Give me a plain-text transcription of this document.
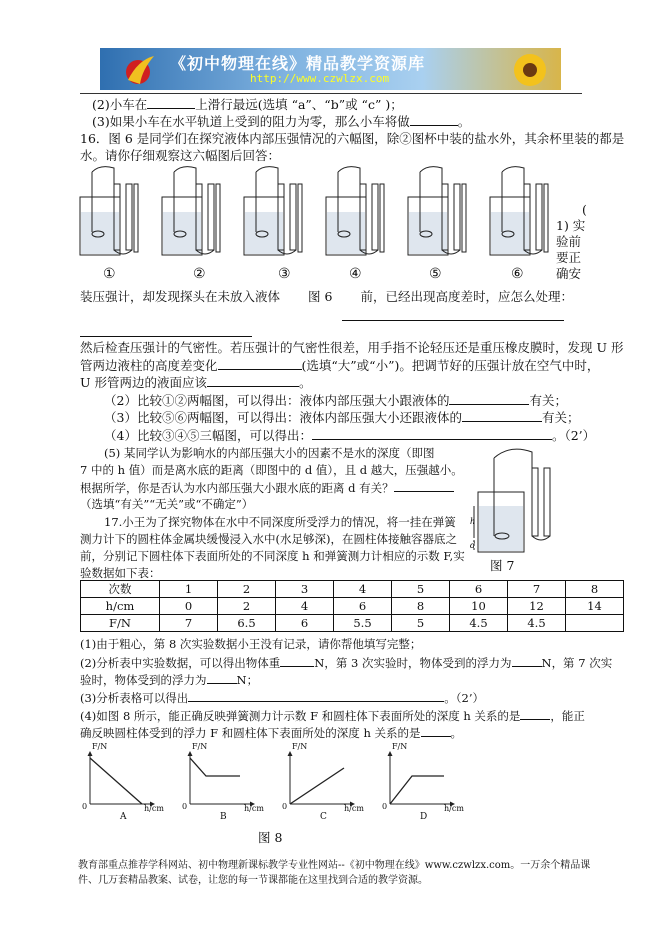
《初中物理在线》精品教学资源库
http://www.czwlzx.com
(2)小车在	上滑行最远(选填 “a”、“b”或 “c” )；
(3)如果小车在水平轨道上受到的阻力为零，那么小车将做	。
16．图 6 是同学们在探究液体内部压强情况的六幅图，除②图杯中装的盐水外，其余杯里装的都是
水。请你仔细观察这六幅图后回答：
①	②	③	④	⑤	⑥
(
1) 实
验前
要正
确安
装压强计，却发现探头在未放入液体 图 6 前，已经出现高度差时，应怎么处理：
然后检查压强计的气密性。若压强计的气密性很差，用手指不论轻压还是重压橡皮膜时，发现 U 形
管两边液柱的高度差变化	(选填“大”或“小”)。把调节好的压强计放在空气中时，
U 形管两边的液面应该	。
（2）比较①②两幅图，可以得出：液体内部压强大小跟液体的	有关；
（3）比较⑤⑥两幅图，可以得出：液体内部压强大小还跟液体的	有关；
（4）比较③④⑤三幅图，可以得出：	。（2’）
(5) 某同学认为影响水的内部压强大小的因素不是水的深度（即图
7 中的 h 值）而是离水底的距离（即图中的 d 值），且 d 越大，压强越小。
根据所学，你是否认为水内部压强大小跟水底的距离 d 有关？
（选填“有关”“无关”或“不确定”）
h
d
图 7
17.小王为了探究物体在水中不同深度所受浮力的情况，将一挂在弹簧
测力计下的圆柱体金属块缓慢浸入水中(水足够深)，在圆柱体接触容器底之
前，分别记下圆柱体下表面所处的不同深度 h 和弹簧测力计相应的示数 F,实
验数据如下表：
次数	1	2	3	4	5	6	7	8
h/cm	0	2	4	6	8	10	12	14
F/N	7	6.5	6	5.5	5	4.5	4.5	
(1)由于粗心，第 8 次实验数据小王没有记录，请你帮他填写完整；
(2)分析表中实验数据，可以得出物体重	N，第 3 次实验时，物体受到的浮力为	N，第 7 次实
验时，物体受到的浮力为	N；
(3)分析表格可以得出	。（2’）
(4)如图 8 所示，能正确反映弹簧测力计示数 F 和圆柱体下表面所处的深度 h 关系的是	，能正
确反映圆柱体受到的浮力 F 和圆柱体下表面所处的深度 h 关系的是	。
F/N	F/N	F/N	F/N
h/cm	h/cm	h/cm	h/cm
0	0	0	0
A	B	C	D
图 8
教育部重点推荐学科网站、初中物理新课标教学专业性网站--《初中物理在线》www.czwlzx.com。一万余个精品课
件、几万套精品教案、试卷，让您的每一节课都能在这里找到合适的教学资源。
